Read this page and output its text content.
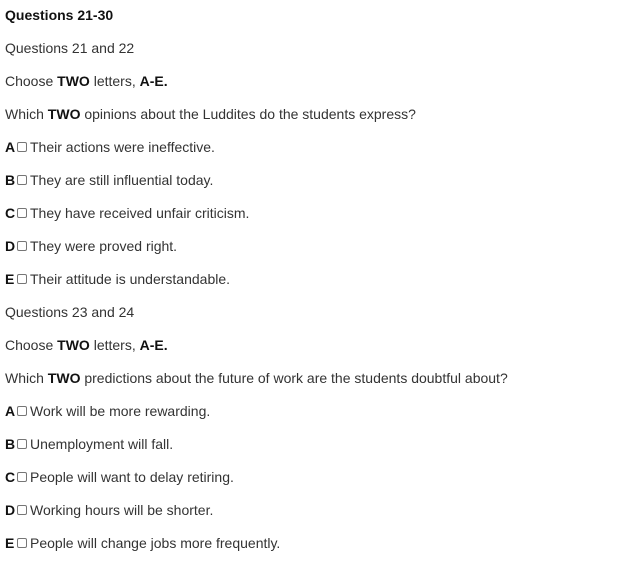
Questions 21-30
Questions 21 and 22
Choose TWO letters, A-E.
Which TWO opinions about the Luddites do the students express?
A Their actions were ineffective.
B They are still influential today.
C They have received unfair criticism.
D They were proved right.
E Their attitude is understandable.
Questions 23 and 24
Choose TWO letters, A-E.
Which TWO predictions about the future of work are the students doubtful about?
A Work will be more rewarding.
B Unemployment will fall.
C People will want to delay retiring.
D Working hours will be shorter.
E People will change jobs more frequently.
